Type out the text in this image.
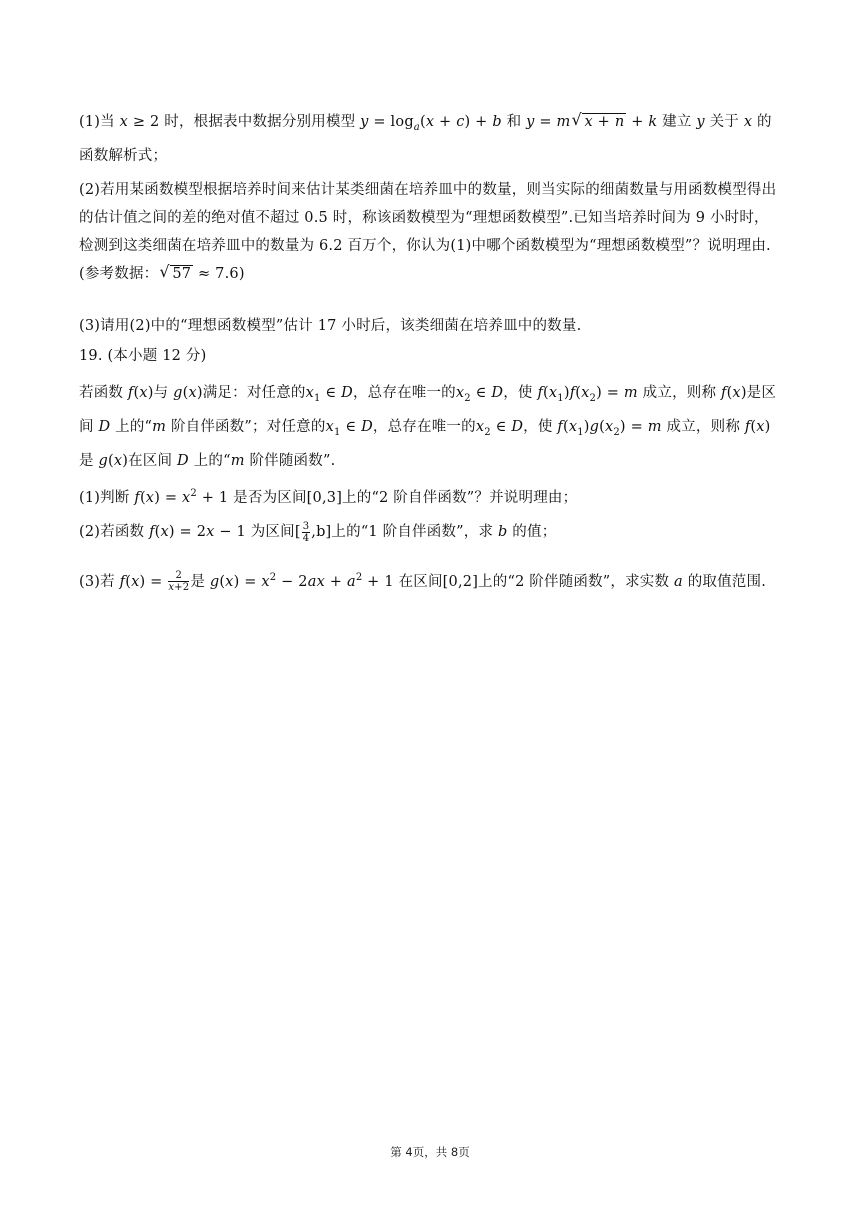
(1)当 x ≥ 2 时，根据表中数据分别用模型 $y = \log_a(x + c) + b$ 和 y = m √ x + n + k 建立 y 关于 x 的函数解析式；
(2)若用某函数模型根据培养时间来估计某类细菌在培养皿中的数量，则当实际的细菌数量与用函数模型得出的估计值之间的差的绝对值不超过 0.5 时，称该函数模型为“理想函数模型”.已知当培养时间为 9 小时时，检测到这类细菌在培养皿中的数量为 6.2 百万个，你认为(1)中哪个函数模型为“理想函数模型”？说明理由.(参考数据： √ 57 ≈ 7.6)
(3)请用(2)中的“理想函数模型”估计 17 小时后，该类细菌在培养皿中的数量.
19. (本小题 12 分)
若函数 f(x)与 g(x)满足：对任意的$x_1$ ∈ D，总存在唯一的$x_2$ ∈ D，使 $f(x_1)f(x_2) = m$ 成立，则称 f(x)是区间 D 上的“m 阶自伴函数”；对任意的$x_1$ ∈ D，总存在唯一的$x_2$ ∈ D，使 $f(x_1)g(x_2) = m$ 成立，则称 f(x) 是 g(x)在区间 D 上的“m 阶伴随函数”.
(1)判断 $f(x) = x^2 + 1$ 是否为区间[0,3]上的“2 阶自伴函数”？并说明理由；
(2)若函数 f(x) = 2x − 1 为区间[ $\frac{3}{4} ,b$]上的“1 阶自伴函数”，求 b 的值；
(3)若 $f(x) = \frac{2}{x+2}$ 是 $g(x) = x^2 - 2ax + a^2 + 1$ 在区间[0,2]上的“2 阶伴随函数”，求实数 a 的取值范围.
第 4页，共 8页
